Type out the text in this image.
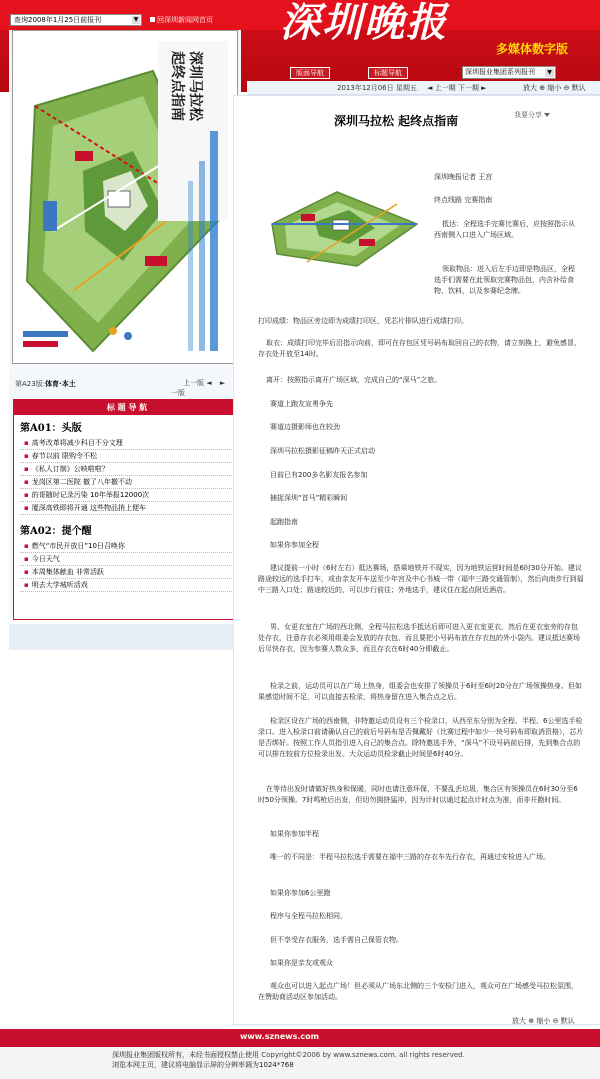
查询2008年1月25日前报刊	▼	回深圳新闻网首页 深圳晚报
多媒体数字版
版面导航	标题导航	深圳报业集团系列报刊	▼
深圳马拉松
起终点指南
第A23版:体育·本土	上一版 ◄ ► 一版
标 题 导 航
第A01：头版
▪ 高考改革将减少科目不分文理
▪ 春节以前 限购令不松
▪ 《私人订制》公映啦啦？
▪ 龙岗区第二医院 撤了八年撤不动
▪ 的哥随时记录污染 10年举报12000次
▪ 厦深高铁即将开通 这些物品捎上便车
第A02：提个醒
▪ 燃气“市民开放日”10日召唤你
▪ 今日天气
▪ 本周集体献血 非常活跃
▪ 明去大学城听活戏
2013年12月06日 星期五 ◄ 上一期 下一期 ►	放大 ⊕ 缩小 ⊖ 默认
深圳马拉松 起终点指南	我要分享
深圳晚报记者 王宫
终点线路 完赛指南
抵达：全程选手完赛比赛后，应按照指示从西南侧入口进入广场区域。
领取物品：进入后左手边即是物品区，全程选手们需要在此领取完赛物品包，内含补给食物、饮料，以及参赛纪念牌。
打印成绩：物品区旁边即为成绩打印区，凭芯片排队进行成绩打印。
取衣：成绩打印完毕后沿指示向前，即可在存包区凭号码布取回自己的衣物，请立刻换上，避免感冒，存衣处开放至14时。
离开：按照指示离开广场区域，完成自己的“深马”之旅。
赛道上跑友宣勇争先
赛道边摄影师也在较劲
深圳马拉松摄影征稿昨天正式启动
目前已有200多名影友报名参加
捕捉深圳“首马”精彩瞬间
起跑指南
如果你参加全程
建议提前一小时（6时左右）抵达赛场，搭乘地铁并不现实，因为地铁运营时间是6时30分开始。建议路途较远的选手打车，或由亲友开车送至少年宫及中心书城一带（福中三路交通管制），然后向南步行到福中三路入口处；路途较近的，可以步行前往；外地选手，建议住在起点附近酒店。
男、女更衣室在广场的西北侧，全程马拉松选手抵达后即可进入更衣室更衣，然后在更衣室旁的存包处存衣，注意存衣必须用组委会发放的存衣包，而且要把小号码布放在存衣包的外小袋内。建议抵达赛场后尽快存衣，因为参赛人数众多，而且存衣在6时40分即截止。
检录之前，运动员可以在广场上热身，组委会也安排了领操员于6时至6时20分在广场领操热身。但如果感觉时间不足，可以直接去检录，将热身留在进入集合点之后。
检录区设在广场的西南侧，非特邀运动员设有三个检录口，从西至东分别为全程、半程、6公里选手检录口。进入检录口前请确认自己的前后号码布是否佩戴好（比赛过程中如少一块号码布即取消资格），芯片是否绑好。按照工作人员指引进入自己的集合点。除特邀选手外，“深马”不设号码前后排，先到集合点的可以排在较前方位检录出发。大众运动员检录截止时间是6时40分。
在等待出发时请做好热身和保暖，同时也请注意环保，不要乱丢垃圾，集合区有领操员在6时30分至6时50分领操。7时鸣枪后出发，但切勿拥挤猛冲，因为计时以通过起点计时点为准，而非开跑时间。
如果你参加半程
唯一的不同是：半程马拉松选手需要在福中三路的存衣车先行存衣，再通过安检进入广场。
如果你参加6公里跑
程序与全程马拉松相同，
但不享受存衣服务，选手需自己保管衣物。
如果你是亲友或观众
观众也可以进入起点广场！但必须从广场东北侧的三个安检门进入，观众可在广场感受马拉松氛围，在赞助商活动区参加活动。
放大 ⊕ 缩小 ⊖ 默认
www.sznews.com
深圳报业集团版权所有，未经书面授权禁止使用 Copyright©2006 by www.sznews.com. all rights reserved.
浏览本网主页，建议将电脑显示屏的分辨率调为1024*768
